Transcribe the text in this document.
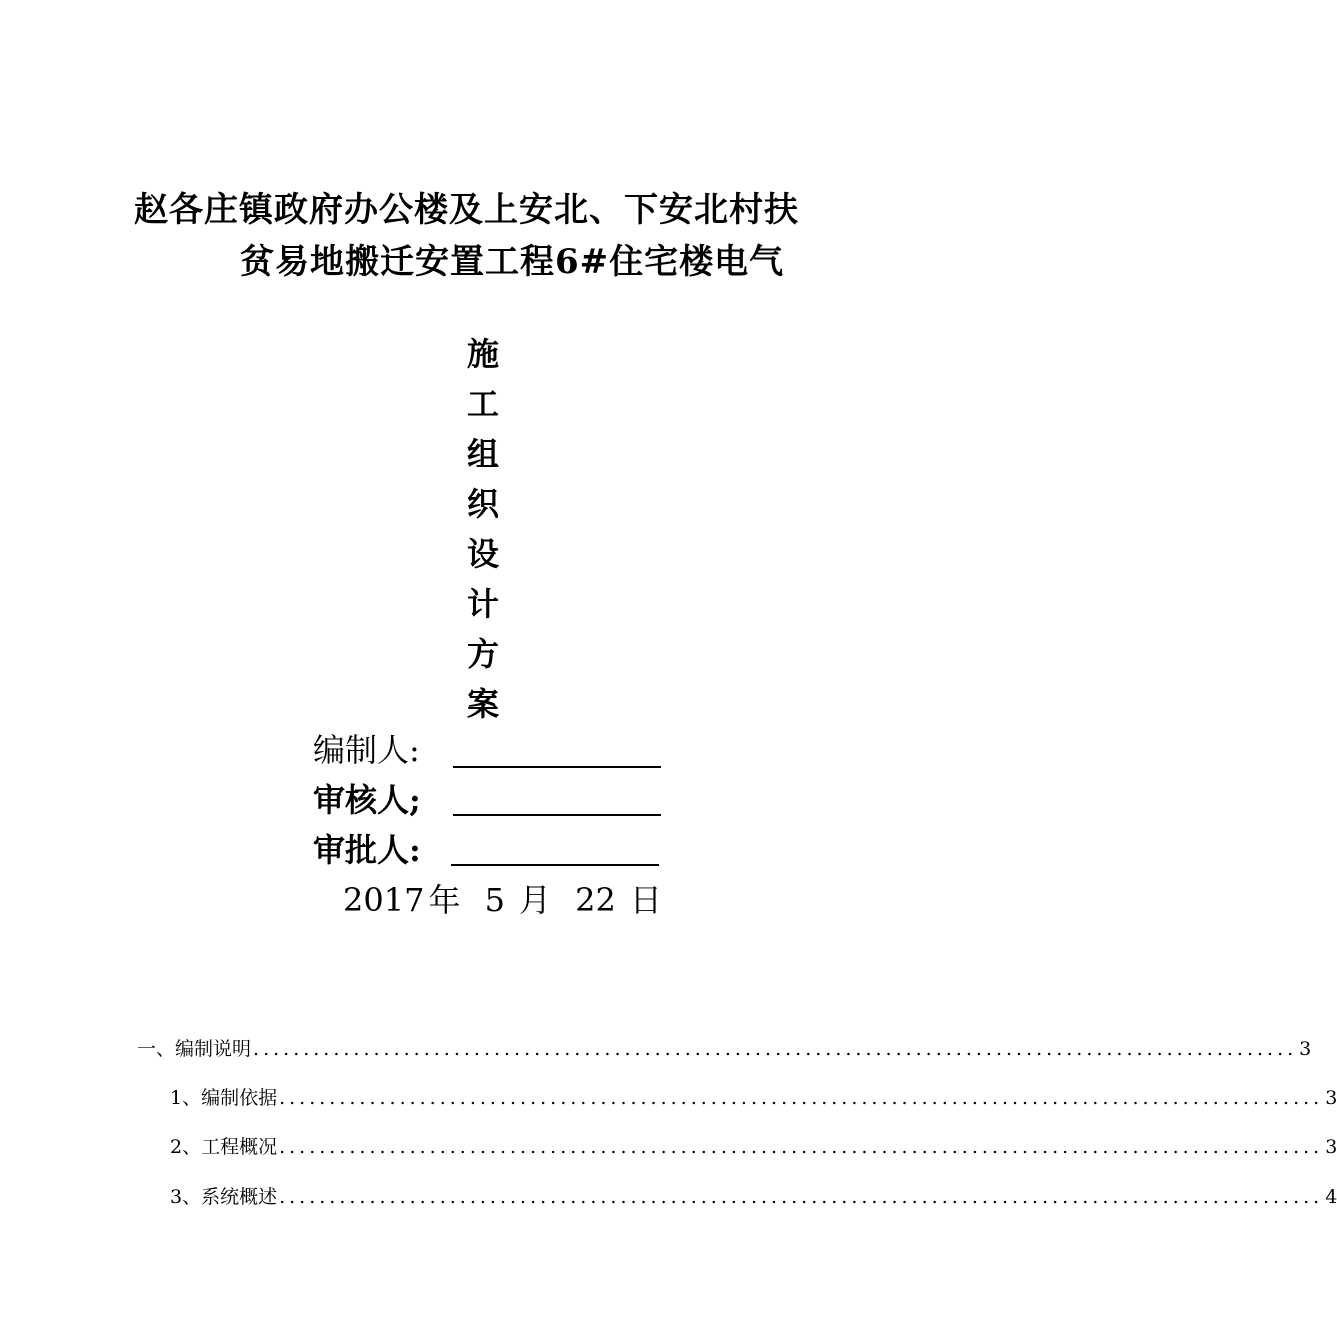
赵各庄镇政府办公楼及上安北、下安北村扶
贫易地搬迁安置工程6#住宅楼电气
施
工
组
织
设
计
方
案
编制人:
审核人;
审批人:
2017 年 5 月 22 日
一、 编制说明 ........................................................................................................ 3
1、编制依据 ........................................................................................................ 3
2、工程概况 ........................................................................................................ 3
3、系统概述 ........................................................................................................ 4
